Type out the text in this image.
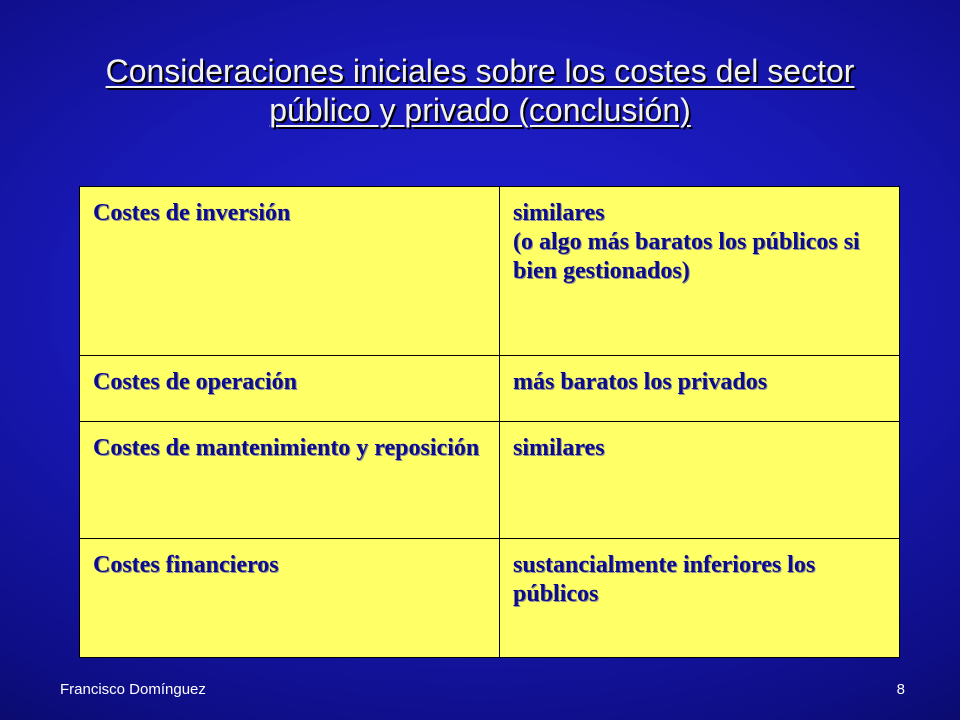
Consideraciones iniciales sobre los costes del sector público y privado (conclusión)
Costes de inversión	similares
(o algo más baratos los públicos si bien gestionados)
Costes de operación	más baratos los privados
Costes de mantenimiento y reposición	similares
Costes financieros	sustancialmente inferiores los públicos
Francisco Domínguez	8
